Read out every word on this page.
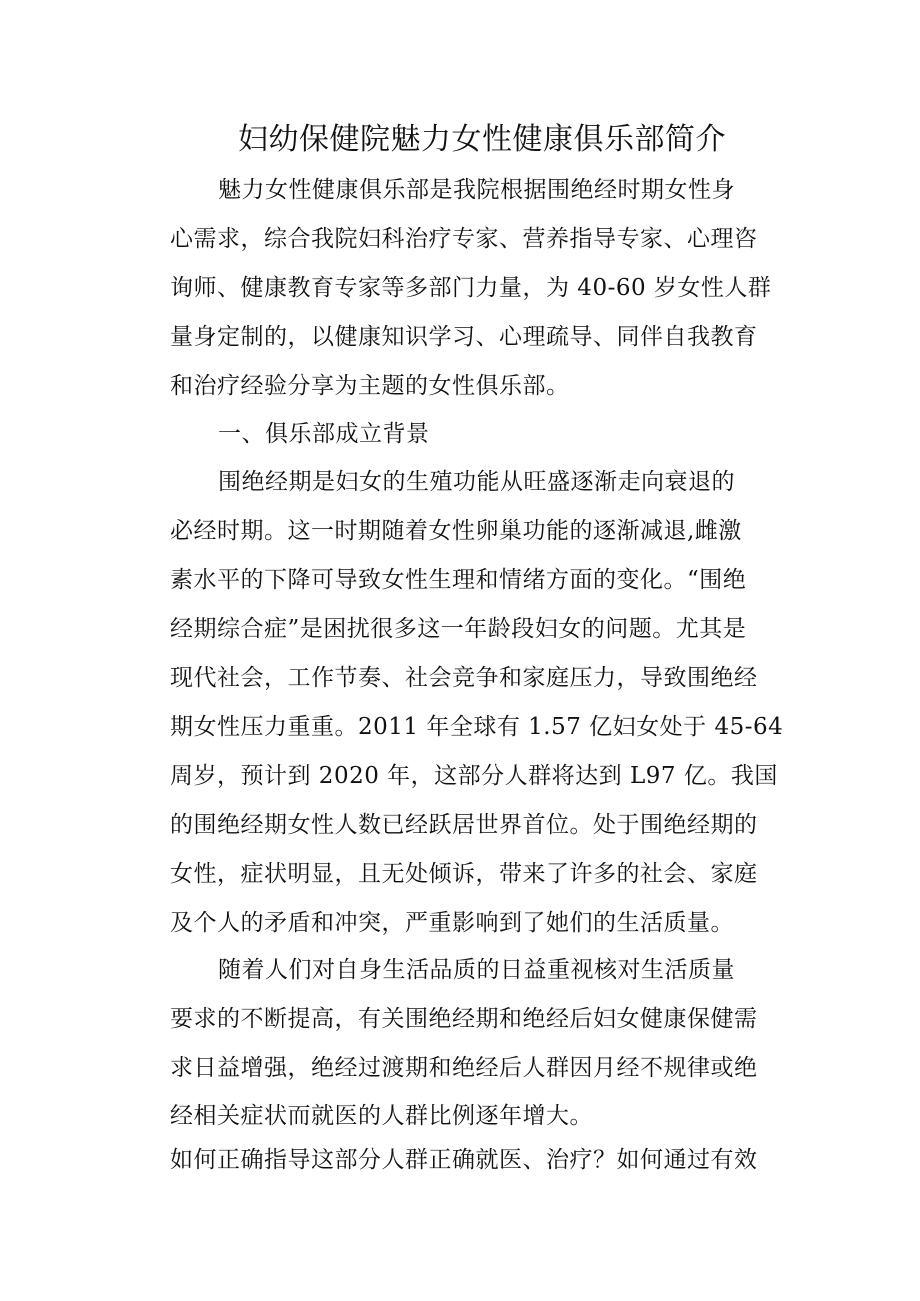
妇幼保健院魅力女性健康俱乐部简介
魅力女性健康俱乐部是我院根据围绝经时期女性身
心需求，综合我院妇科治疗专家、营养指导专家、心理咨
询师、健康教育专家等多部门力量，为 40-60 岁女性人群
量身定制的，以健康知识学习、心理疏导、同伴自我教育
和治疗经验分享为主题的女性俱乐部。
一、俱乐部成立背景
围绝经期是妇女的生殖功能从旺盛逐渐走向衰退的
必经时期。这一时期随着女性卵巢功能的逐渐减退,雌激
素水平的下降可导致女性生理和情绪方面的变化。“围绝
经期综合症”是困扰很多这一年龄段妇女的问题。尤其是
现代社会，工作节奏、社会竞争和家庭压力，导致围绝经
期女性压力重重。2011 年全球有 1.57 亿妇女处于 45-64
周岁，预计到 2020 年，这部分人群将达到 L97 亿。我国
的围绝经期女性人数已经跃居世界首位。处于围绝经期的
女性，症状明显，且无处倾诉，带来了许多的社会、家庭
及个人的矛盾和冲突，严重影响到了她们的生活质量。
随着人们对自身生活品质的日益重视核对生活质量
要求的不断提高，有关围绝经期和绝经后妇女健康保健需
求日益增强，绝经过渡期和绝经后人群因月经不规律或绝
经相关症状而就医的人群比例逐年增大。
如何正确指导这部分人群正确就医、治疗？如何通过有效
